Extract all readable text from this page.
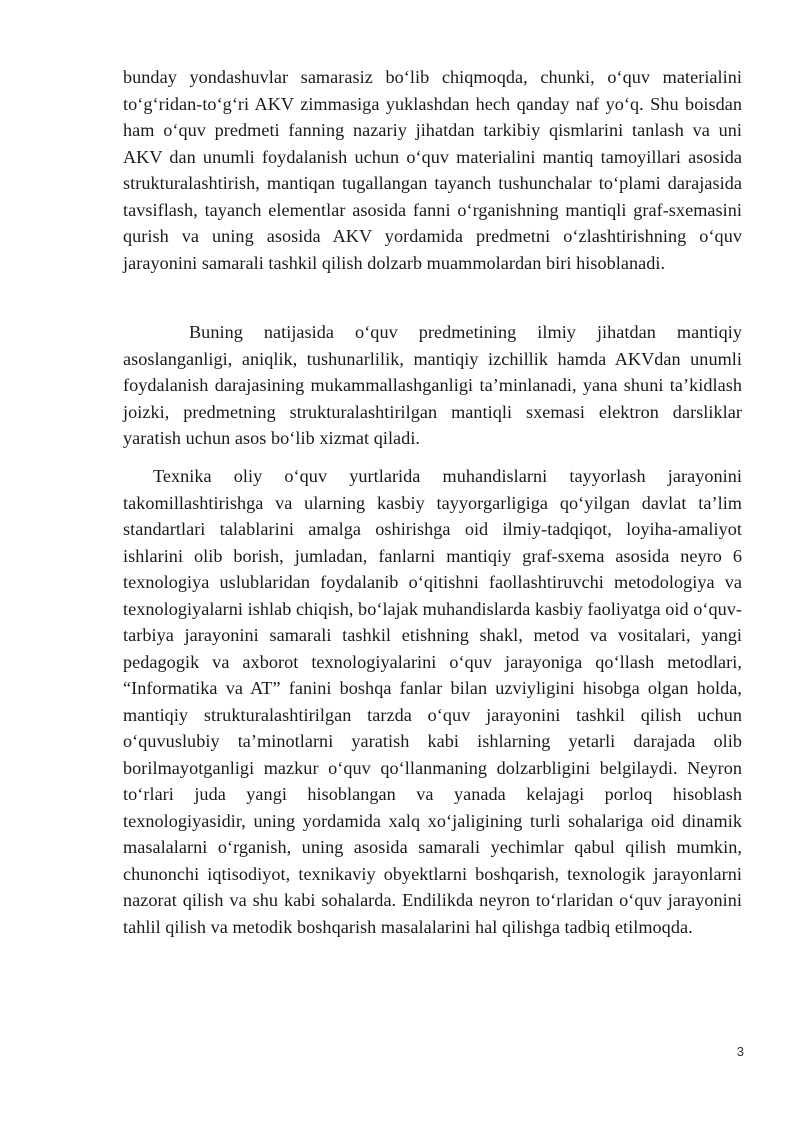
bunday yondashuvlar samarasiz bo‘lib chiqmoqda, chunki, o‘quv materialini to‘g‘ridan-to‘g‘ri AKV zimmasiga yuklashdan hech qanday naf yo‘q. Shu boisdan ham o‘quv predmeti fanning nazariy jihatdan tarkibiy qismlarini tanlash va uni AKV dan unumli foydalanish uchun o‘quv materialini mantiq tamoyillari asosida strukturalashtirish, mantiqan tugallangan tayanch tushunchalar to‘plami darajasida tavsiflash, tayanch elementlar asosida fanni o‘rganishning mantiqli graf-sxemasini qurish va uning asosida AKV yordamida predmetni o‘zlashtirishning o‘quv jarayonini samarali tashkil qilish dolzarb muammolardan biri hisoblanadi.

Buning natijasida o‘quv predmetining ilmiy jihatdan mantiqiy asoslanganligi, aniqlik, tushunarlilik, mantiqiy izchillik hamda AKVdan unumli foydalanish darajasining mukammallashganligi ta’minlanadi, yana shuni ta’kidlash joizki, predmetning strukturalashtirilgan mantiqli sxemasi elektron darsliklar yaratish uchun asos bo‘lib xizmat qiladi.

Texnika oliy o‘quv yurtlarida muhandislarni tayyorlash jarayonini takomillashtirishga va ularning kasbiy tayyorgarligiga qo‘yilgan davlat ta’lim standartlari talablarini amalga oshirishga oid ilmiy-tadqiqot, loyiha-amaliyot ishlarini olib borish, jumladan, fanlarni mantiqiy graf-sxema asosida neyro 6 texnologiya uslublaridan foydalanib o‘qitishni faollashtiruvchi metodologiya va texnologiyalarni ishlab chiqish, bo‘lajak muhandislarda kasbiy faoliyatga oid o‘quv-tarbiya jarayonini samarali tashkil etishning shakl, metod va vositalari, yangi pedagogik va axborot texnologiyalarini o‘quv jarayoniga qo‘llash metodlari, “Informatika va AT” fanini boshqa fanlar bilan uzviyligini hisobga olgan holda, mantiqiy strukturalashtirilgan tarzda o‘quv jarayonini tashkil qilish uchun o‘quvuslubiy ta’minotlarni yaratish kabi ishlarning yetarli darajada olib borilmayotganligi mazkur o‘quv qo‘llanmaning dolzarbligini belgilaydi. Neyron to‘rlari juda yangi hisoblangan va yanada kelajagi porloq hisoblash texnologiyasidir, uning yordamida xalq xo‘jaligining turli sohalariga oid dinamik masalalarni o‘rganish, uning asosida samarali yechimlar qabul qilish mumkin, chunonchi iqtisodiyot, texnikaviy obyektlarni boshqarish, texnologik jarayonlarni nazorat qilish va shu kabi sohalarda. Endilikda neyron to‘rlaridan o‘quv jarayonini tahlil qilish va metodik boshqarish masalalarini hal qilishga tadbiq etilmoqda.

3
